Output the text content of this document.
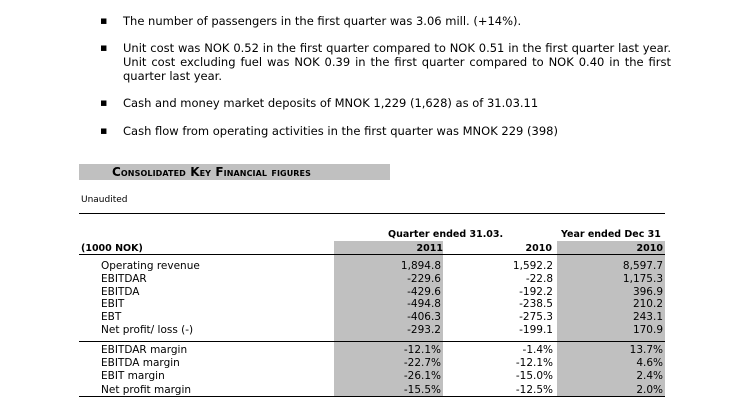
▪ The number of passengers in the first quarter was 3.06 mill. (+14%).
▪ Unit cost was NOK 0.52 in the first quarter compared to NOK 0.51 in the first quarter last year. Unit cost excluding fuel was NOK 0.39 in the first quarter compared to NOK 0.40 in the first quarter last year.
▪ Cash and money market deposits of MNOK 1,229 (1,628) as of 31.03.11
▪ Cash flow from operating activities in the first quarter was MNOK 229 (398)
Consolidated Key Financial figures
Unaudited
Quarter ended 31.03.	Year ended Dec 31
(1000 NOK)	2011	2010	2010
Operating revenue	1,894.8	1,592.2	8,597.7
EBITDAR	-229.6	-22.8	1,175.3
EBITDA	-429.6	-192.2	396.9
EBIT	-494.8	-238.5	210.2
EBT	-406.3	-275.3	243.1
Net profit/ loss (-)	-293.2	-199.1	170.9
EBITDAR margin	-12.1%	-1.4%	13.7%
EBITDA margin	-22.7%	-12.1%	4.6%
EBIT margin	-26.1%	-15.0%	2.4%
Net profit margin	-15.5%	-12.5%	2.0%
